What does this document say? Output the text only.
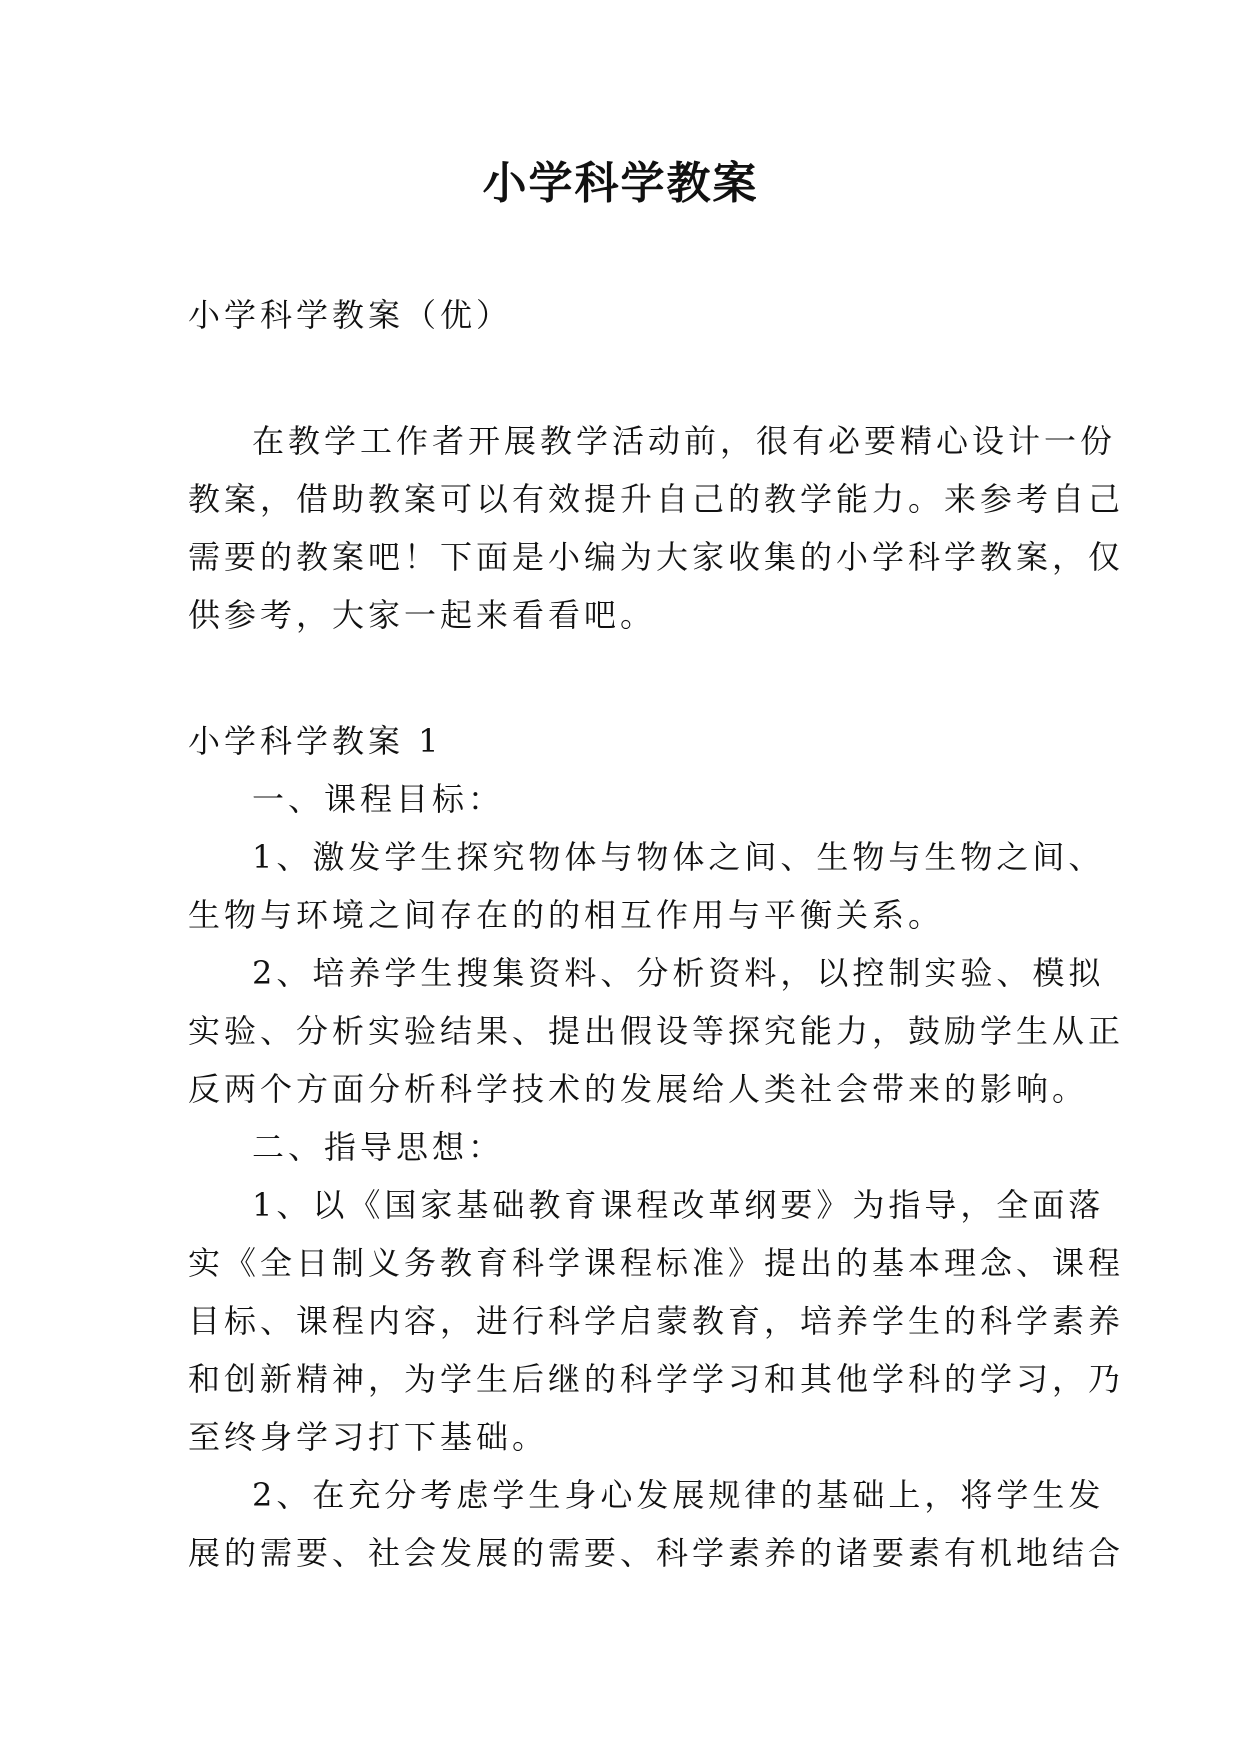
小学科学教案
小学科学教案（优）
在教学工作者开展教学活动前，很有必要精心设计一份
教案，借助教案可以有效提升自己的教学能力。来参考自己
需要的教案吧！下面是小编为大家收集的小学科学教案，仅
供参考，大家一起来看看吧。
小学科学教案 1
一、课程目标：
1、激发学生探究物体与物体之间、生物与生物之间、
生物与环境之间存在的的相互作用与平衡关系。
2、培养学生搜集资料、分析资料，以控制实验、模拟
实验、分析实验结果、提出假设等探究能力，鼓励学生从正
反两个方面分析科学技术的发展给人类社会带来的影响。
二、指导思想：
1、以《国家基础教育课程改革纲要》为指导，全面落
实《全日制义务教育科学课程标准》提出的基本理念、课程
目标、课程内容，进行科学启蒙教育，培养学生的科学素养
和创新精神，为学生后继的科学学习和其他学科的学习，乃
至终身学习打下基础。
2、在充分考虑学生身心发展规律的基础上，将学生发
展的需要、社会发展的需要、科学素养的诸要素有机地结合
